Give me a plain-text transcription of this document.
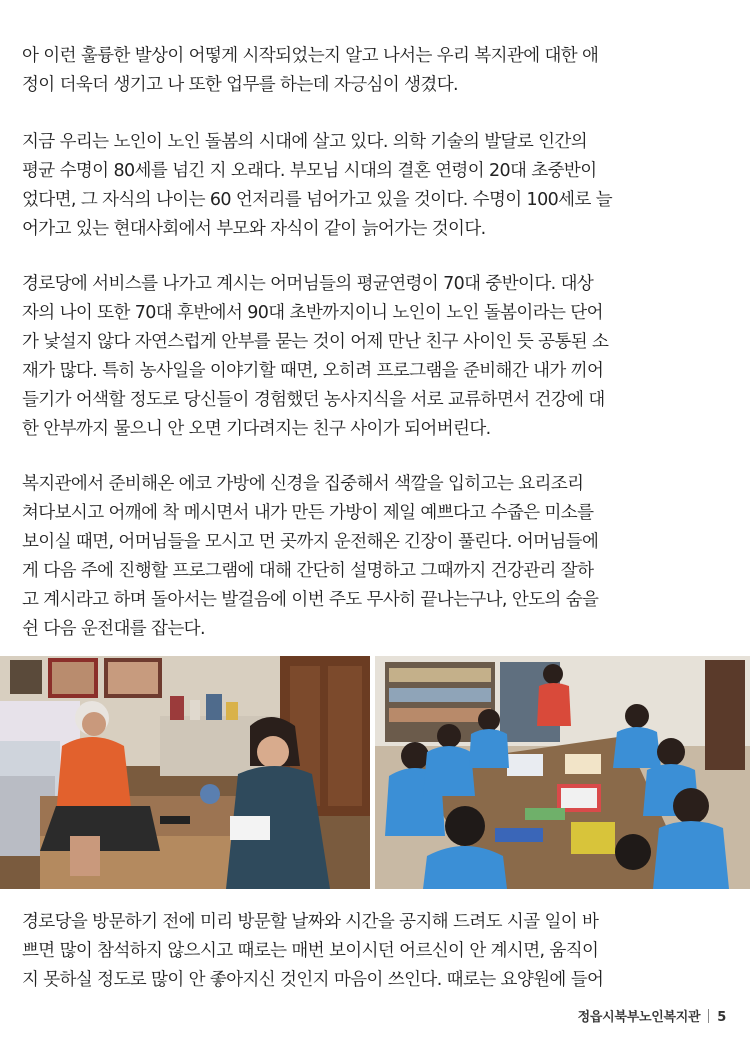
아 이런 훌륭한 발상이 어떻게 시작되었는지 알고 나서는 우리 복지관에 대한 애
정이 더욱더 생기고 나 또한 업무를 하는데 자긍심이 생겼다.

지금 우리는 노인이 노인 돌봄의 시대에 살고 있다. 의학 기술의 발달로 인간의
평균 수명이 80세를 넘긴 지 오래다. 부모님 시대의 결혼 연령이 20대 초중반이
었다면, 그 자식의 나이는 60 언저리를 넘어가고 있을 것이다. 수명이 100세로 늘
어가고 있는 현대사회에서 부모와 자식이 같이 늙어가는 것이다.

경로당에 서비스를 나가고 계시는 어머님들의 평균연령이 70대 중반이다. 대상
자의 나이 또한 70대 후반에서 90대 초반까지이니 노인이 노인 돌봄이라는 단어
가 낯설지 않다 자연스럽게 안부를 묻는 것이 어제 만난 친구 사이인 듯 공통된 소
재가 많다. 특히 농사일을 이야기할 때면, 오히려 프로그램을 준비해간 내가 끼어
들기가 어색할 정도로 당신들이 경험했던 농사지식을 서로 교류하면서 건강에 대
한 안부까지 물으니 안 오면 기다려지는 친구 사이가 되어버린다.

복지관에서 준비해온 에코 가방에 신경을 집중해서 색깔을 입히고는 요리조리
쳐다보시고 어깨에 착 메시면서 내가 만든 가방이 제일 예쁘다고 수줍은 미소를
보이실 때면, 어머님들을 모시고 먼 곳까지 운전해온 긴장이 풀린다. 어머님들에
게 다음 주에 진행할 프로그램에 대해 간단히 설명하고 그때까지 건강관리 잘하
고 계시라고 하며 돌아서는 발걸음에 이번 주도 무사히 끝나는구나, 안도의 숨을
쉰 다음 운전대를 잡는다.

경로당을 방문하기 전에 미리 방문할 날짜와 시간을 공지해 드려도 시골 일이 바
쁘면 많이 참석하지 않으시고 때로는 매번 보이시던 어르신이 안 계시면, 움직이
지 못하실 정도로 많이 안 좋아지신 것인지 마음이 쓰인다. 때로는 요양원에 들어

정읍시북부노인복지관 5
